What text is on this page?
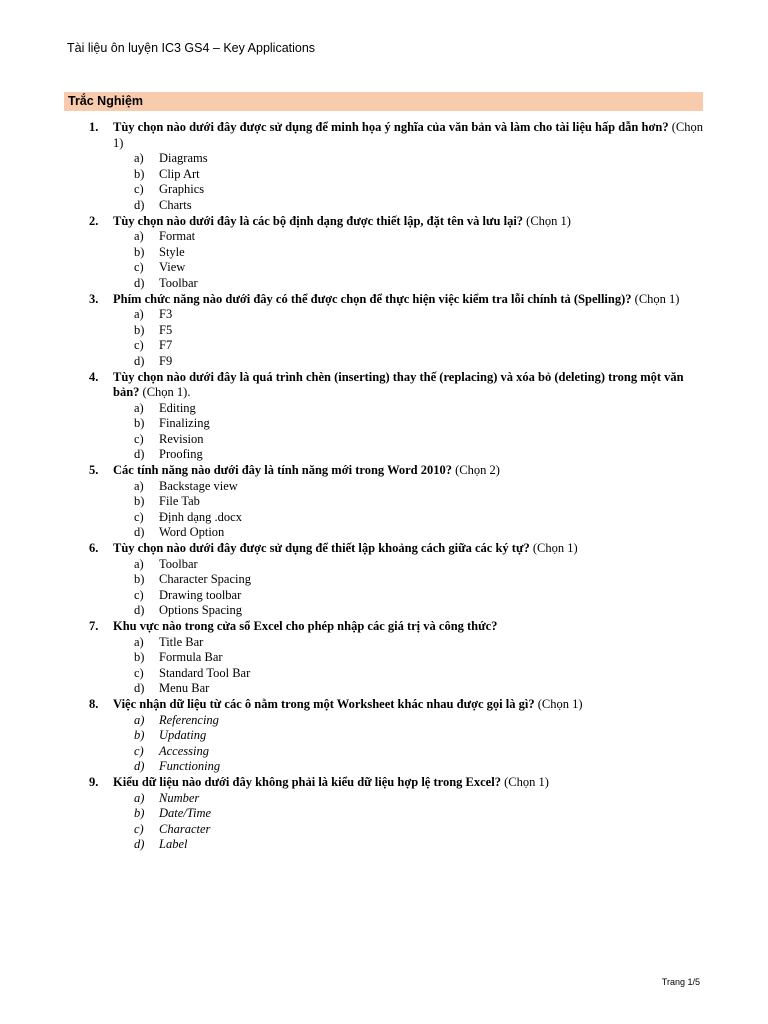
Tài liệu ôn luyện IC3 GS4 – Key Applications
Trắc Nghiệm
1. Tùy chọn nào dưới đây được sử dụng để minh họa ý nghĩa của văn bản và làm cho tài liệu hấp dẫn hơn? (Chọn 1)
a) Diagrams
b) Clip Art
c) Graphics
d) Charts
2. Tùy chọn nào dưới đây là các bộ định dạng được thiết lập, đặt tên và lưu lại? (Chọn 1)
a) Format
b) Style
c) View
d) Toolbar
3. Phím chức năng nào dưới đây có thể được chọn để thực hiện việc kiểm tra lỗi chính tả (Spelling)? (Chọn 1)
a) F3
b) F5
c) F7
d) F9
4. Tùy chọn nào dưới đây là quá trình chèn (inserting) thay thế (replacing) và xóa bỏ (deleting) trong một văn bản? (Chọn 1).
a) Editing
b) Finalizing
c) Revision
d) Proofing
5. Các tính năng nào dưới đây là tính năng mới trong Word 2010? (Chọn 2)
a) Backstage view
b) File Tab
c) Định dạng .docx
d) Word Option
6. Tùy chọn nào dưới đây được sử dụng để thiết lập khoảng cách giữa các ký tự? (Chọn 1)
a) Toolbar
b) Character Spacing
c) Drawing toolbar
d) Options Spacing
7. Khu vực nào trong cửa sổ Excel cho phép nhập các giá trị và công thức?
a) Title Bar
b) Formula Bar
c) Standard Tool Bar
d) Menu Bar
8. Việc nhận dữ liệu từ các ô nằm trong một Worksheet khác nhau được gọi là gì? (Chọn 1)
a) Referencing
b) Updating
c) Accessing
d) Functioning
9. Kiểu dữ liệu nào dưới đây không phải là kiểu dữ liệu hợp lệ trong Excel? (Chọn 1)
a) Number
b) Date/Time
c) Character
d) Label
Trang 1/5
